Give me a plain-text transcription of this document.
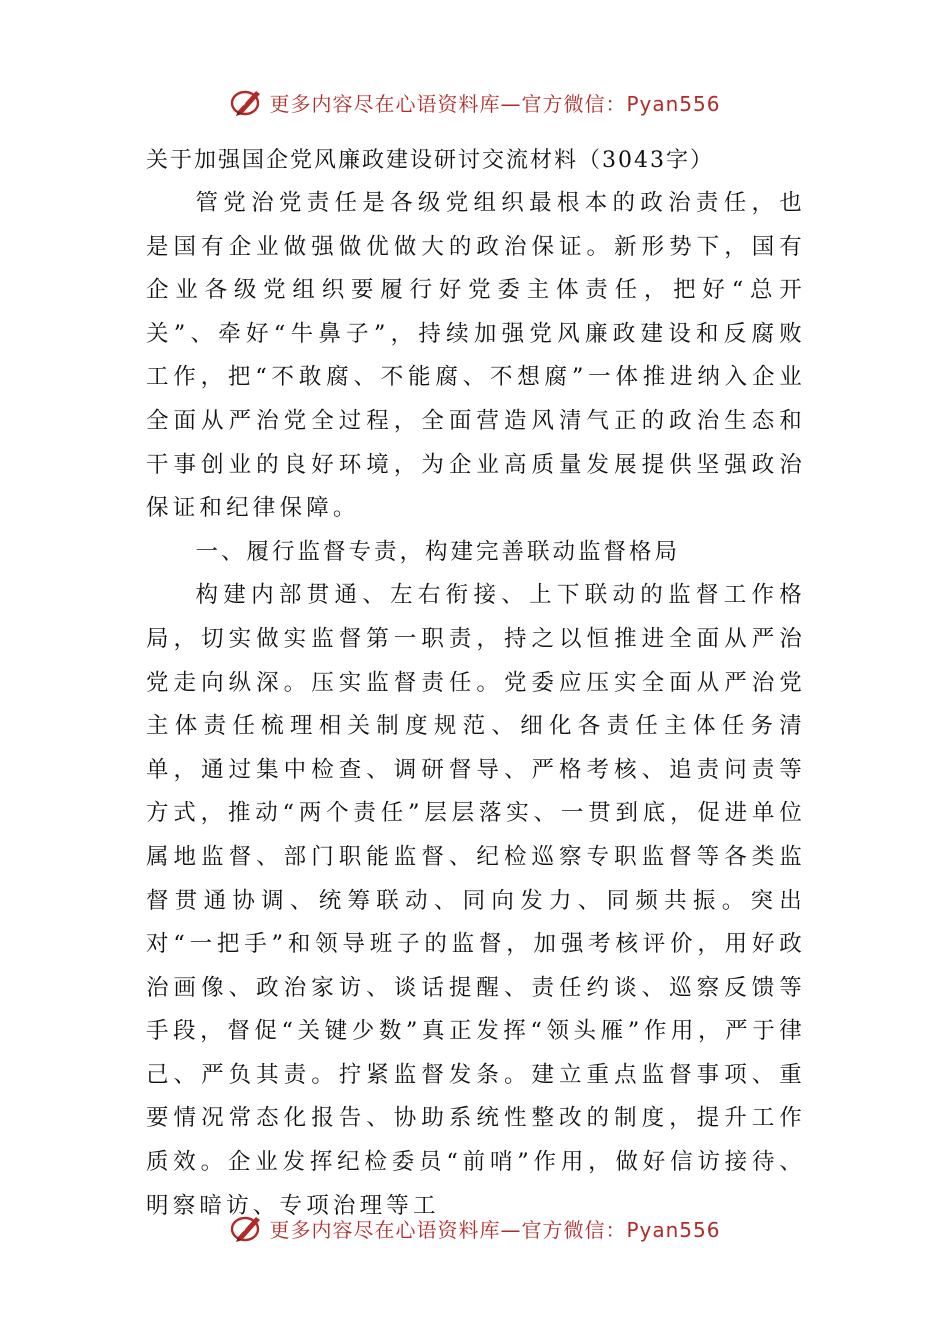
更多内容尽在心语资料库—官方微信：Pyan556

关于加强国企党风廉政建设研讨交流材料（3043字）

管党治党责任是各级党组织最根本的政治责任，也是国有企业做强做优做大的政治保证。新形势下，国有企业各级党组织要履行好党委主体责任，把好“总开关”、牵好“牛鼻子”，持续加强党风廉政建设和反腐败工作，把“不敢腐、不能腐、不想腐”一体推进纳入企业全面从严治党全过程，全面营造风清气正的政治生态和干事创业的良好环境，为企业高质量发展提供坚强政治保证和纪律保障。

一、履行监督专责，构建完善联动监督格局

构建内部贯通、左右衔接、上下联动的监督工作格局，切实做实监督第一职责，持之以恒推进全面从严治党走向纵深。压实监督责任。党委应压实全面从严治党主体责任梳理相关制度规范、细化各责任主体任务清单，通过集中检查、调研督导、严格考核、追责问责等方式，推动“两个责任”层层落实、一贯到底，促进单位属地监督、部门职能监督、纪检巡察专职监督等各类监督贯通协调、统筹联动、同向发力、同频共振。突出对“一把手”和领导班子的监督，加强考核评价，用好政治画像、政治家访、谈话提醒、责任约谈、巡察反馈等手段，督促“关键少数”真正发挥“领头雁”作用，严于律己、严负其责。拧紧监督发条。建立重点监督事项、重要情况常态化报告、协助系统性整改的制度，提升工作质效。企业发挥纪检委员“前哨”作用，做好信访接待、明察暗访、专项治理等工

更多内容尽在心语资料库—官方微信：Pyan556
